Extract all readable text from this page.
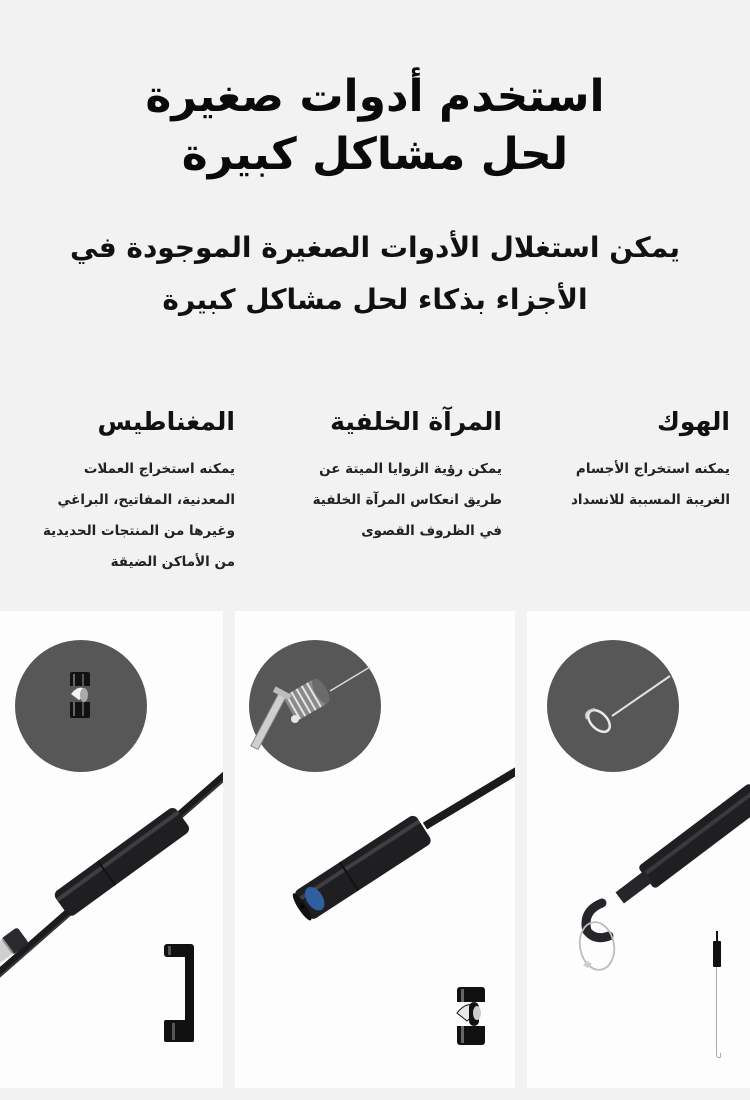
استخدم أدوات صغيرة
لحل مشاكل كبيرة
يمكن استغلال الأدوات الصغيرة الموجودة في
الأجزاء بذكاء لحل مشاكل كبيرة
الهوك
يمكنه استخراج الأجسام
الغريبة المسببة للانسداد
المرآة الخلفية
يمكن رؤية الزوايا الميتة عن
طريق انعكاس المرآة الخلفية
في الظروف القصوى
المغناطيس
يمكنه استخراج العملات
المعدنية، المفاتيح، البراغي
وغيرها من المنتجات الحديدية
من الأماكن الضيقة
